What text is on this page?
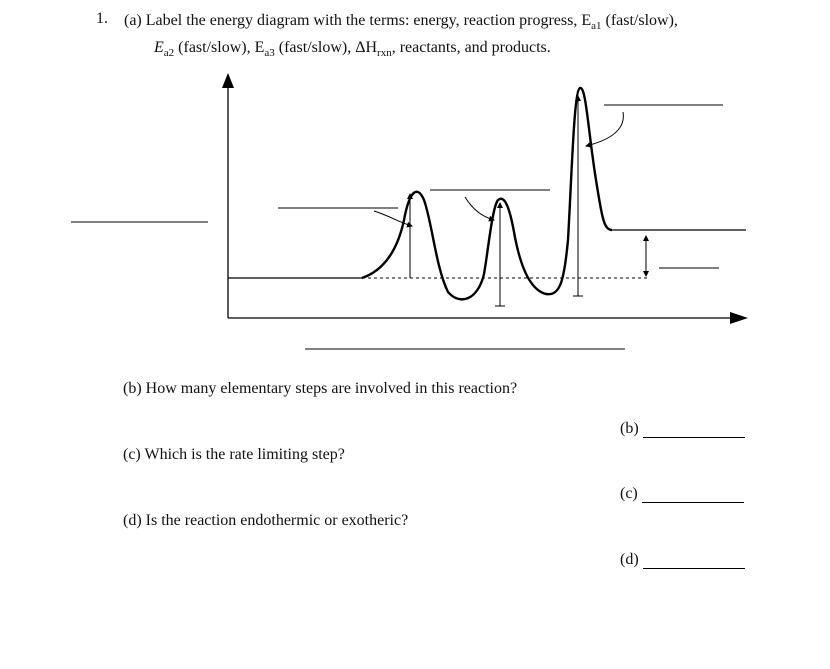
1. (a) Label the energy diagram with the terms: energy, reaction progress, $E_{a1}$ (fast/slow),
$E_{a2}$ (fast/slow), $E_{a3}$ (fast/slow), $\Delta H_{rxn}$, reactants, and products.
(b) How many elementary steps are involved in this reaction?
(c) Which is the rate limiting step?
(d) Is the reaction endothermic or exotheric?
(b)
(c)
(d)
